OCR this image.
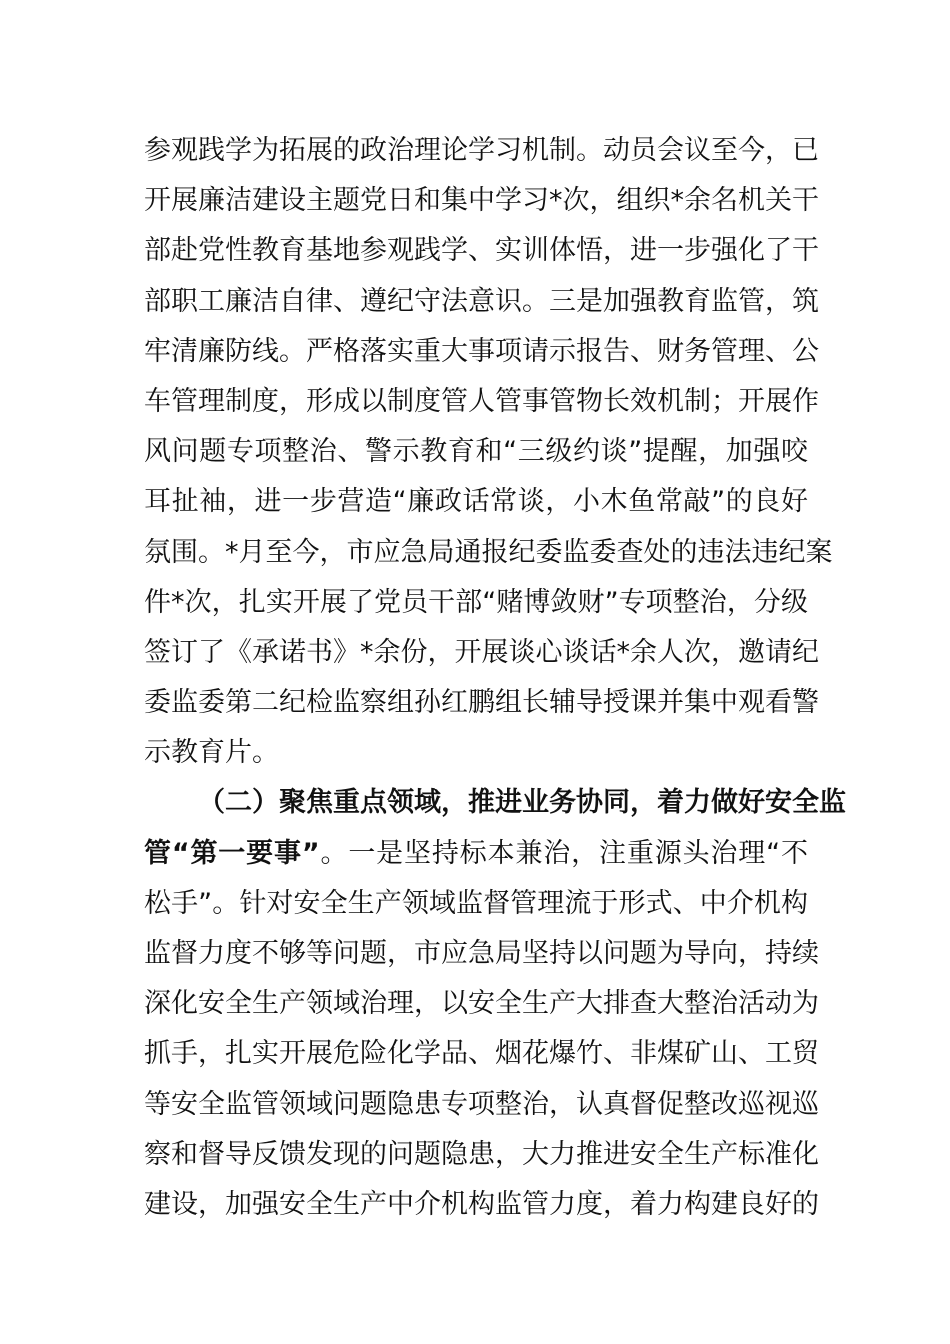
参观践学为拓展的政治理论学习机制。动员会议至今，已
开展廉洁建设主题党日和集中学习*次，组织*余名机关干
部赴党性教育基地参观践学、实训体悟，进一步强化了干
部职工廉洁自律、遵纪守法意识。三是加强教育监管，筑
牢清廉防线。严格落实重大事项请示报告、财务管理、公
车管理制度，形成以制度管人管事管物长效机制；开展作
风问题专项整治、警示教育和“三级约谈”提醒，加强咬
耳扯袖，进一步营造“廉政话常谈，小木鱼常敲”的良好
氛围。*月至今，市应急局通报纪委监委查处的违法违纪案
件*次，扎实开展了党员干部“赌博敛财”专项整治，分级
签订了《承诺书》*余份，开展谈心谈话*余人次，邀请纪
委监委第二纪检监察组孙红鹏组长辅导授课并集中观看警
示教育片。
（二）聚焦重点领域，推进业务协同，着力做好安全监
管“第一要事”。一是坚持标本兼治，注重源头治理“不
松手”。针对安全生产领域监督管理流于形式、中介机构
监督力度不够等问题，市应急局坚持以问题为导向，持续
深化安全生产领域治理，以安全生产大排查大整治活动为
抓手，扎实开展危险化学品、烟花爆竹、非煤矿山、工贸
等安全监管领域问题隐患专项整治，认真督促整改巡视巡
察和督导反馈发现的问题隐患，大力推进安全生产标准化
建设，加强安全生产中介机构监管力度，着力构建良好的
